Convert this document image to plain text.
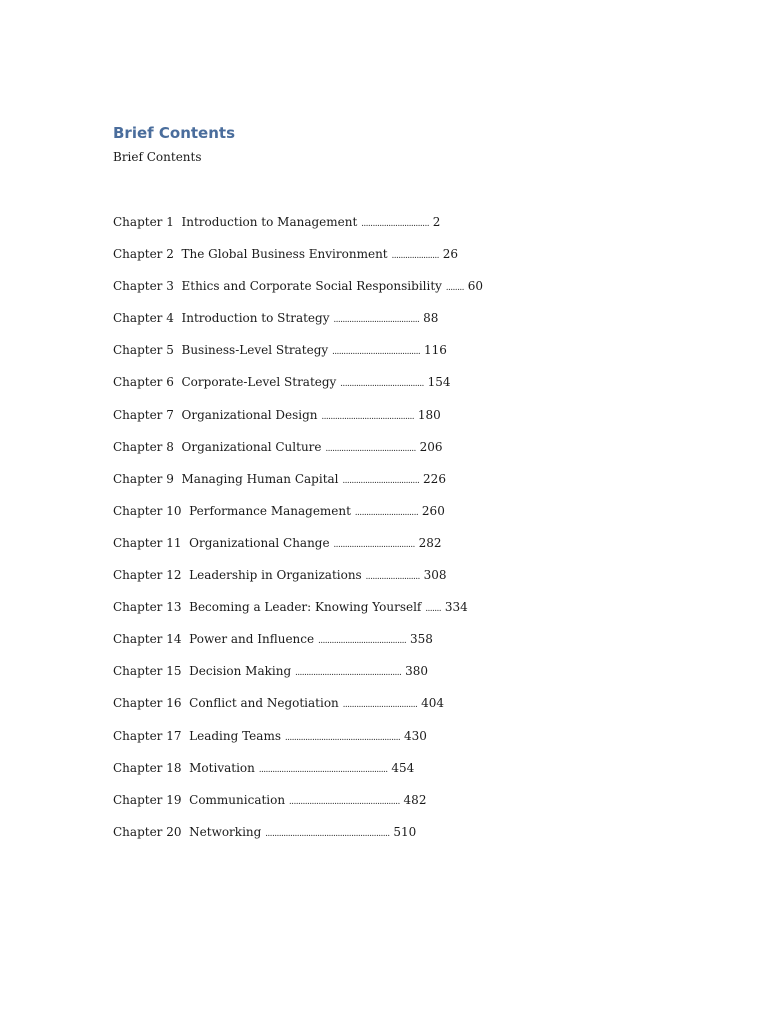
Brief Contents
Brief Contents
Chapter 1 Introduction to Management .............................. 2
Chapter 2 The Global Business Environment ..................... 26
Chapter 3 Ethics and Corporate Social Responsibility ........ 60
Chapter 4 Introduction to Strategy ...................................... 88
Chapter 5 Business-Level Strategy ....................................... 116
Chapter 6 Corporate-Level Strategy ..................................... 154
Chapter 7 Organizational Design ......................................... 180
Chapter 8 Organizational Culture ........................................ 206
Chapter 9 Managing Human Capital .................................. 226
Chapter 10 Performance Management ............................ 260
Chapter 11 Organizational Change .................................... 282
Chapter 12 Leadership in Organizations ........................ 308
Chapter 13 Becoming a Leader: Knowing Yourself ....... 334
Chapter 14 Power and Influence ....................................... 358
Chapter 15 Decision Making ............................................... 380
Chapter 16 Conflict and Negotiation ................................. 404
Chapter 17 Leading Teams ................................................... 430
Chapter 18 Motivation ......................................................... 454
Chapter 19 Communication ................................................. 482
Chapter 20 Networking ....................................................... 510
